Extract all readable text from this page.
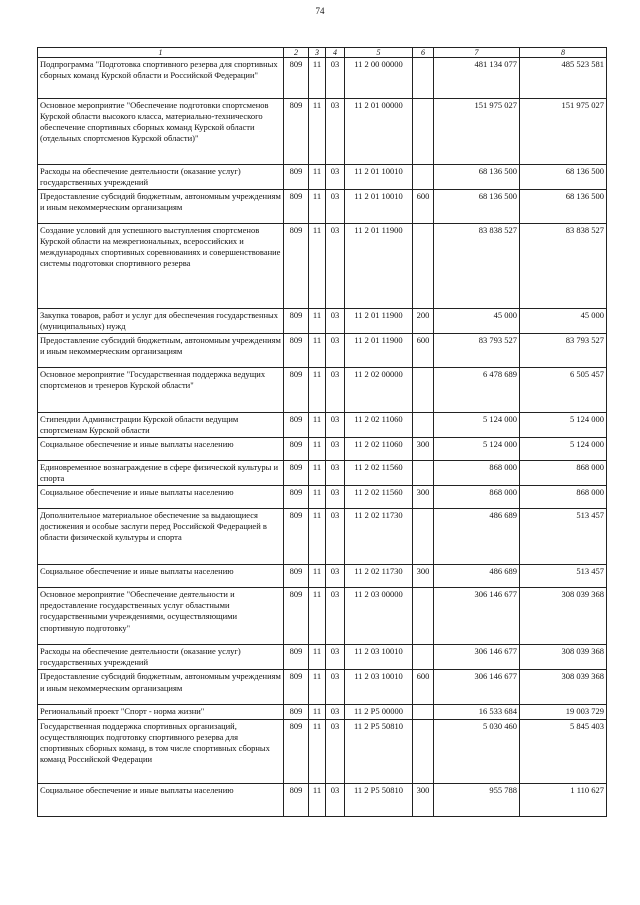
74
1	2	3	4	5	6	7	8
Подпрограмма "Подготовка спортивного резерва для спортивных сборных команд Курской области и Российской Федерации"	809	11	03	11 2 00 00000		481 134 077	485 523 581
Основное мероприятие "Обеспечение подготовки спортсменов Курской области высокого класса, материально-технического обеспечение спортивных сборных команд Курской области (отдельных спортсменов Курской области)"	809	11	03	11 2 01 00000		151 975 027	151 975 027
Расходы на обеспечение деятельности (оказание услуг) государственных учреждений	809	11	03	11 2 01 10010		68 136 500	68 136 500
Предоставление субсидий бюджетным, автономным учреждениям и иным некоммерческим организациям	809	11	03	11 2 01 10010	600	68 136 500	68 136 500
Создание условий для успешного выступления спортсменов Курской области на межрегиональных, всероссийских и международных спортивных соревнованиях и совершенствование системы подготовки спортивного резерва	809	11	03	11 2 01 11900		83 838 527	83 838 527
Закупка товаров, работ и услуг для обеспечения государственных (муниципальных) нужд	809	11	03	11 2 01 11900	200	45 000	45 000
Предоставление субсидий бюджетным, автономным учреждениям и иным некоммерческим организациям	809	11	03	11 2 01 11900	600	83 793 527	83 793 527
Основное мероприятие "Государственная поддержка ведущих спортсменов и тренеров Курской области"	809	11	03	11 2 02 00000		6 478 689	6 505 457
Стипендии Администрации Курской области ведущим спортсменам Курской области	809	11	03	11 2 02 11060		5 124 000	5 124 000
Социальное обеспечение и иные выплаты населению	809	11	03	11 2 02 11060	300	5 124 000	5 124 000
Единовременное вознаграждение в сфере физической культуры и спорта	809	11	03	11 2 02 11560		868 000	868 000
Социальное обеспечение и иные выплаты населению	809	11	03	11 2 02 11560	300	868 000	868 000
Дополнительное материальное обеспечение за выдающиеся достижения и особые заслуги перед Российской Федерацией в области физической культуры и спорта	809	11	03	11 2 02 11730		486 689	513 457
Социальное обеспечение и иные выплаты населению	809	11	03	11 2 02 11730	300	486 689	513 457
Основное мероприятие "Обеспечение деятельности и предоставление государственных услуг областными государственными учреждениями, осуществляющими спортивную подготовку"	809	11	03	11 2 03 00000		306 146 677	308 039 368
Расходы на обеспечение деятельности (оказание услуг) государственных учреждений	809	11	03	11 2 03 10010		306 146 677	308 039 368
Предоставление субсидий бюджетным, автономным учреждениям и иным некоммерческим организациям	809	11	03	11 2 03 10010	600	306 146 677	308 039 368
Региональный проект "Спорт - норма жизни"	809	11	03	11 2 P5 00000		16 533 684	19 003 729
Государственная поддержка спортивных организаций, осуществляющих подготовку спортивного резерва для спортивных сборных команд, в том числе спортивных сборных команд Российской Федерации	809	11	03	11 2 P5 50810		5 030 460	5 845 403
Социальное обеспечение и иные выплаты населению	809	11	03	11 2 P5 50810	300	955 788	1 110 627
